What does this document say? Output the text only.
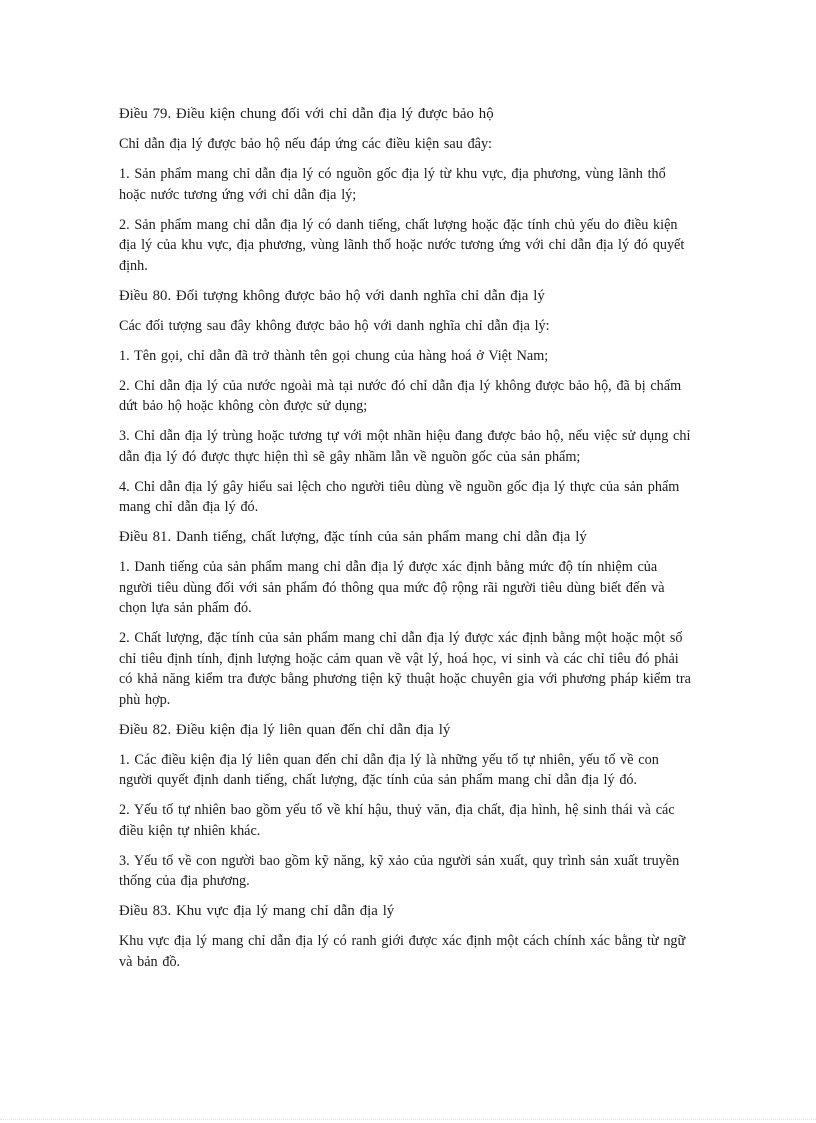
Điều 79. Điều kiện chung đối với chỉ dẫn địa lý được bảo hộ

Chỉ dẫn địa lý được bảo hộ nếu đáp ứng các điều kiện sau đây:

1. Sản phẩm mang chỉ dẫn địa lý có nguồn gốc địa lý từ khu vực, địa phương, vùng lãnh thổ hoặc nước tương ứng với chỉ dẫn địa lý;

2. Sản phẩm mang chỉ dẫn địa lý có danh tiếng, chất lượng hoặc đặc tính chủ yếu do điều kiện địa lý của khu vực, địa phương, vùng lãnh thổ hoặc nước tương ứng với chỉ dẫn địa lý đó quyết định.

Điều 80. Đối tượng không được bảo hộ với danh nghĩa chỉ dẫn địa lý

Các đối tượng sau đây không được bảo hộ với danh nghĩa chỉ dẫn địa lý:

1. Tên gọi, chỉ dẫn đã trở thành tên gọi chung của hàng hoá ở Việt Nam;

2. Chỉ dẫn địa lý của nước ngoài mà tại nước đó chỉ dẫn địa lý không được bảo hộ, đã bị chấm dứt bảo hộ hoặc không còn được sử dụng;

3. Chỉ dẫn địa lý trùng hoặc tương tự với một nhãn hiệu đang được bảo hộ, nếu việc sử dụng chỉ dẫn địa lý đó được thực hiện thì sẽ gây nhầm lẫn về nguồn gốc của sản phẩm;

4. Chỉ dẫn địa lý gây hiểu sai lệch cho người tiêu dùng về nguồn gốc địa lý thực của sản phẩm mang chỉ dẫn địa lý đó.

Điều 81. Danh tiếng, chất lượng, đặc tính của sản phẩm mang chỉ dẫn địa lý

1. Danh tiếng của sản phẩm mang chỉ dẫn địa lý được xác định bằng mức độ tín nhiệm của người tiêu dùng đối với sản phẩm đó thông qua mức độ rộng rãi người tiêu dùng biết đến và chọn lựa sản phẩm đó.

2. Chất lượng, đặc tính của sản phẩm mang chỉ dẫn địa lý được xác định bằng một hoặc một số chỉ tiêu định tính, định lượng hoặc cảm quan về vật lý, hoá học, vi sinh và các chỉ tiêu đó phải có khả năng kiểm tra được bằng phương tiện kỹ thuật hoặc chuyên gia với phương pháp kiểm tra phù hợp.

Điều 82. Điều kiện địa lý liên quan đến chỉ dẫn địa lý

1. Các điều kiện địa lý liên quan đến chỉ dẫn địa lý là những yếu tố tự nhiên, yếu tố về con người quyết định danh tiếng, chất lượng, đặc tính của sản phẩm mang chỉ dẫn địa lý đó.

2. Yếu tố tự nhiên bao gồm yếu tố về khí hậu, thuỷ văn, địa chất, địa hình, hệ sinh thái và các điều kiện tự nhiên khác.

3. Yếu tố về con người bao gồm kỹ năng, kỹ xảo của người sản xuất, quy trình sản xuất truyền thống của địa phương.

Điều 83. Khu vực địa lý mang chỉ dẫn địa lý

Khu vực địa lý mang chỉ dẫn địa lý có ranh giới được xác định một cách chính xác bằng từ ngữ và bản đồ.
